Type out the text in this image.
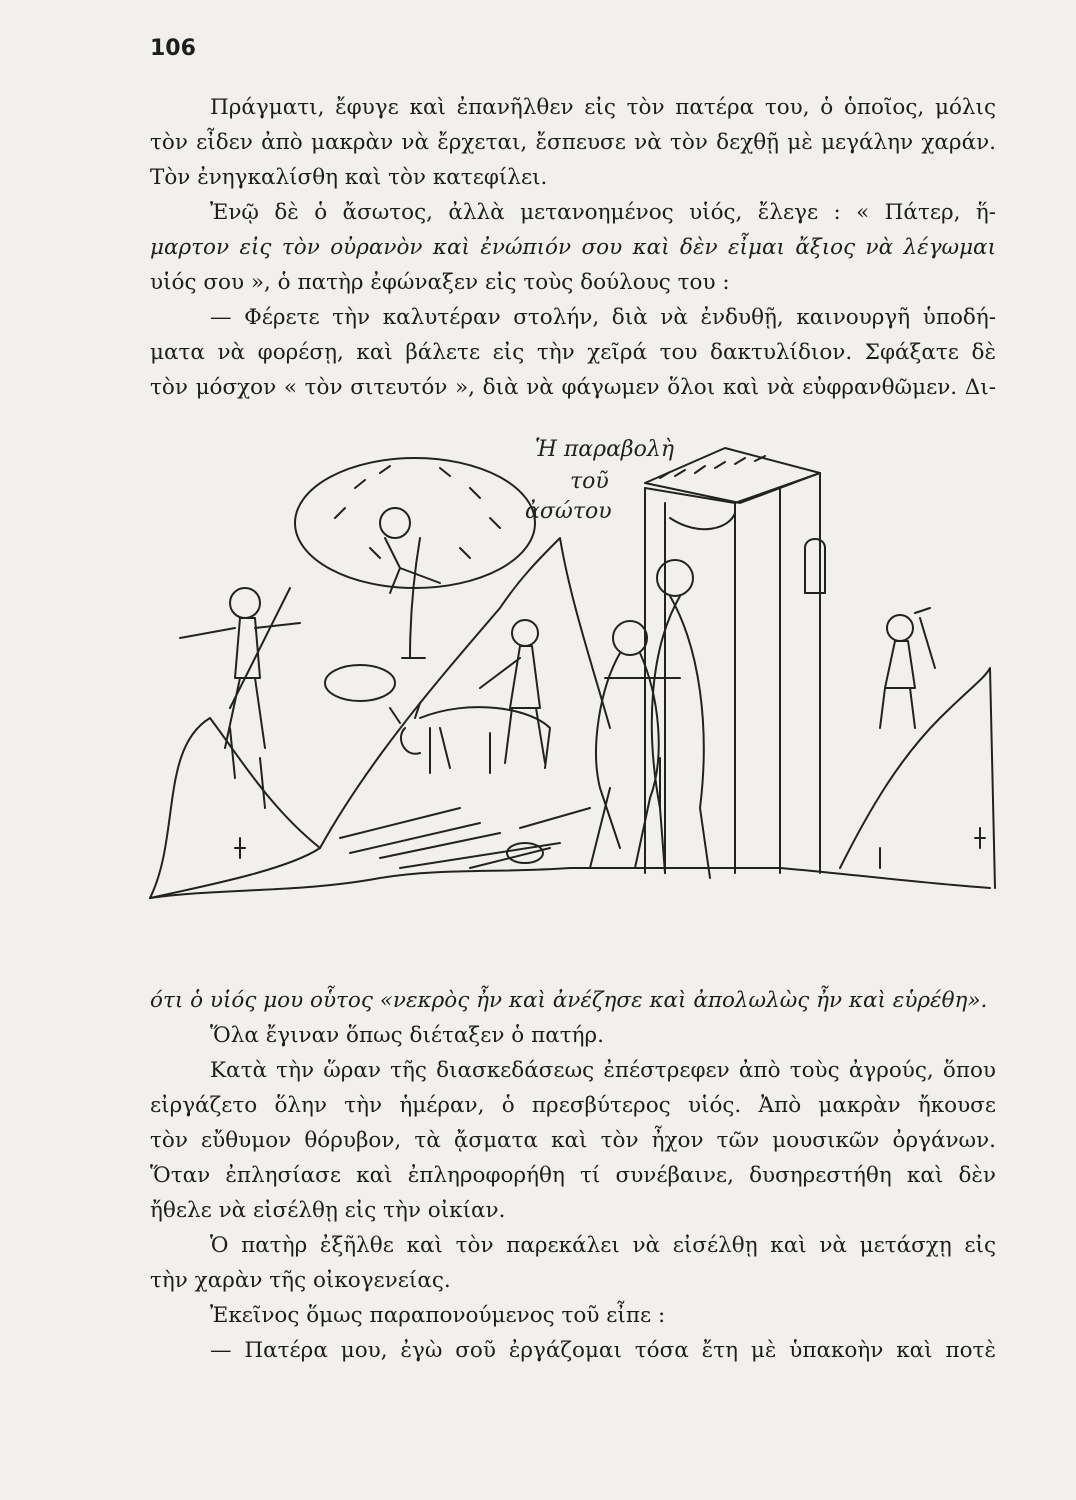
106

Πράγματι, ἔφυγε καὶ ἐπανῆλθεν εἰς τὸν πατέρα του, ὁ ὁποῖος, μόλις

τὸν εἶδεν ἀπὸ μακρὰν νὰ ἔρχεται, ἔσπευσε νὰ τὸν δεχθῇ μὲ μεγάλην χαράν.

Τὸν ἐνηγκαλίσθη καὶ τὸν κατεφίλει.

Ἐνῷ δὲ ὁ ἄσωτος, ἀλλὰ μετανοημένος υἱός, ἔλεγε : « Πάτερ, ἥ-

μαρτον εἰς τὸν οὐρανὸν καὶ ἐνώπιόν σου καὶ δὲν εἶμαι ἄξιος νὰ λέγωμαι

υἱός σου », ὁ πατὴρ ἐφώναξεν εἰς τοὺς δούλους του :

— Φέρετε τὴν καλυτέραν στολήν, διὰ νὰ ἐνδυθῇ, καινουργῆ ὑποδή-

ματα νὰ φορέσῃ, καὶ βάλετε εἰς τὴν χεῖρά του δακτυλίδιον. Σφάξατε δὲ

τὸν μόσχον « τὸν σιτευτόν », διὰ νὰ φάγωμεν ὅλοι καὶ νὰ εὐφρανθῶμεν. Δι-

Ἡ παραβολὴ τοῦ ἀσώτου

ότι ὁ υἱός μου οὗτος «νεκρὸς ἦν καὶ ἀνέζησε καὶ ἀπολωλὼς ἦν καὶ εὑρέθη».

Ὅλα ἔγιναν ὅπως διέταξεν ὁ πατήρ.

Κατὰ τὴν ὥραν τῆς διασκεδάσεως ἐπέστρεφεν ἀπὸ τοὺς ἀγρούς, ὅπου

εἰργάζετο ὅλην τὴν ἡμέραν, ὁ πρεσβύτερος υἱός. Ἀπὸ μακρὰν ἤκουσε

τὸν εὔθυμον θόρυβον, τὰ ᾄσματα καὶ τὸν ἦχον τῶν μουσικῶν ὀργάνων.

Ὅταν ἐπλησίασε καὶ ἐπληροφορήθη τί συνέβαινε, δυσηρεστήθη καὶ δὲν

ἤθελε νὰ εἰσέλθῃ εἰς τὴν οἰκίαν.

Ὁ πατὴρ ἐξῆλθε καὶ τὸν παρεκάλει νὰ εἰσέλθῃ καὶ νὰ μετάσχῃ εἰς

τὴν χαρὰν τῆς οἰκογενείας.

Ἐκεῖνος ὅμως παραπονούμενος τοῦ εἶπε :

— Πατέρα μου, ἐγὼ σοῦ ἐργάζομαι τόσα ἔτη μὲ ὑπακοὴν καὶ ποτὲ
